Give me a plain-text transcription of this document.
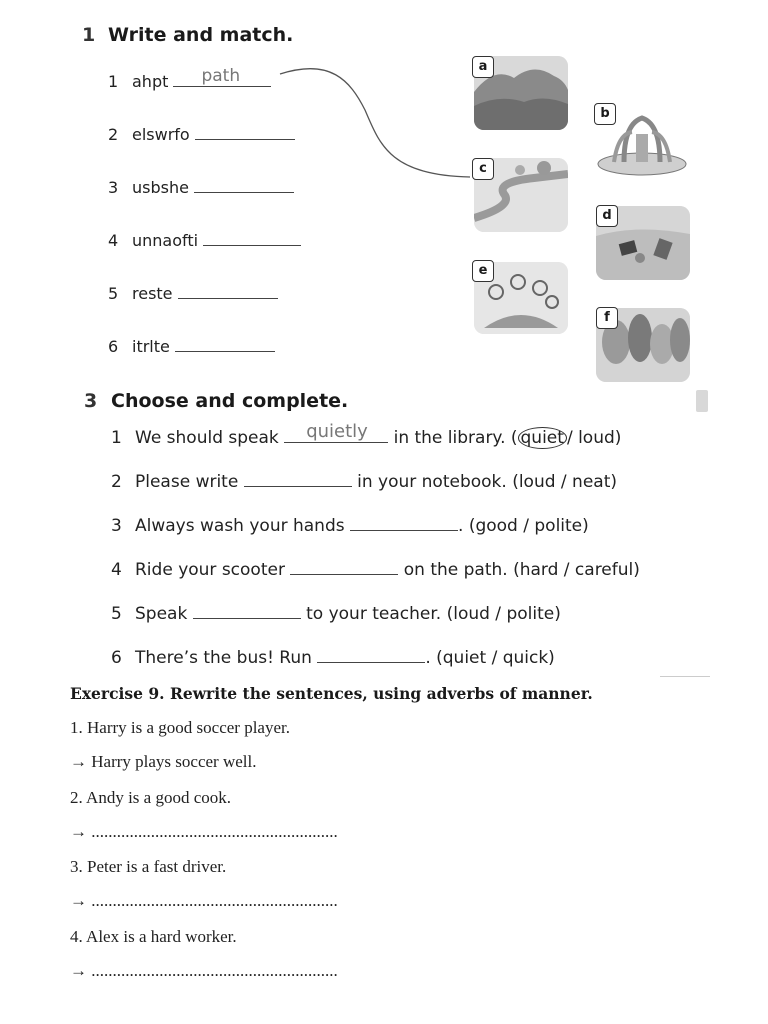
1 Write and match.
1 ahpt path
2 elswrfo
3 usbshe
4 unnaofti
5 reste
6 itrlte
a
b
c
d
e
f
3 Choose and complete.
1 We should speak quietly in the library. ( quiet / loud)
2 Please write	in your notebook. (loud / neat)
3 Always wash your hands	. (good / polite)
4 Ride your scooter	on the path. (hard / careful)
5 Speak	to your teacher. (loud / polite)
6 There’s the bus! Run	. (quiet / quick)
Exercise 9. Rewrite the sentences, using adverbs of manner.
1. Harry is a good soccer player.
→ Harry plays soccer well.
2. Andy is a good cook.
→ ..........................................................
3. Peter is a fast driver.
→ ..........................................................
4. Alex is a hard worker.
→ ..........................................................
